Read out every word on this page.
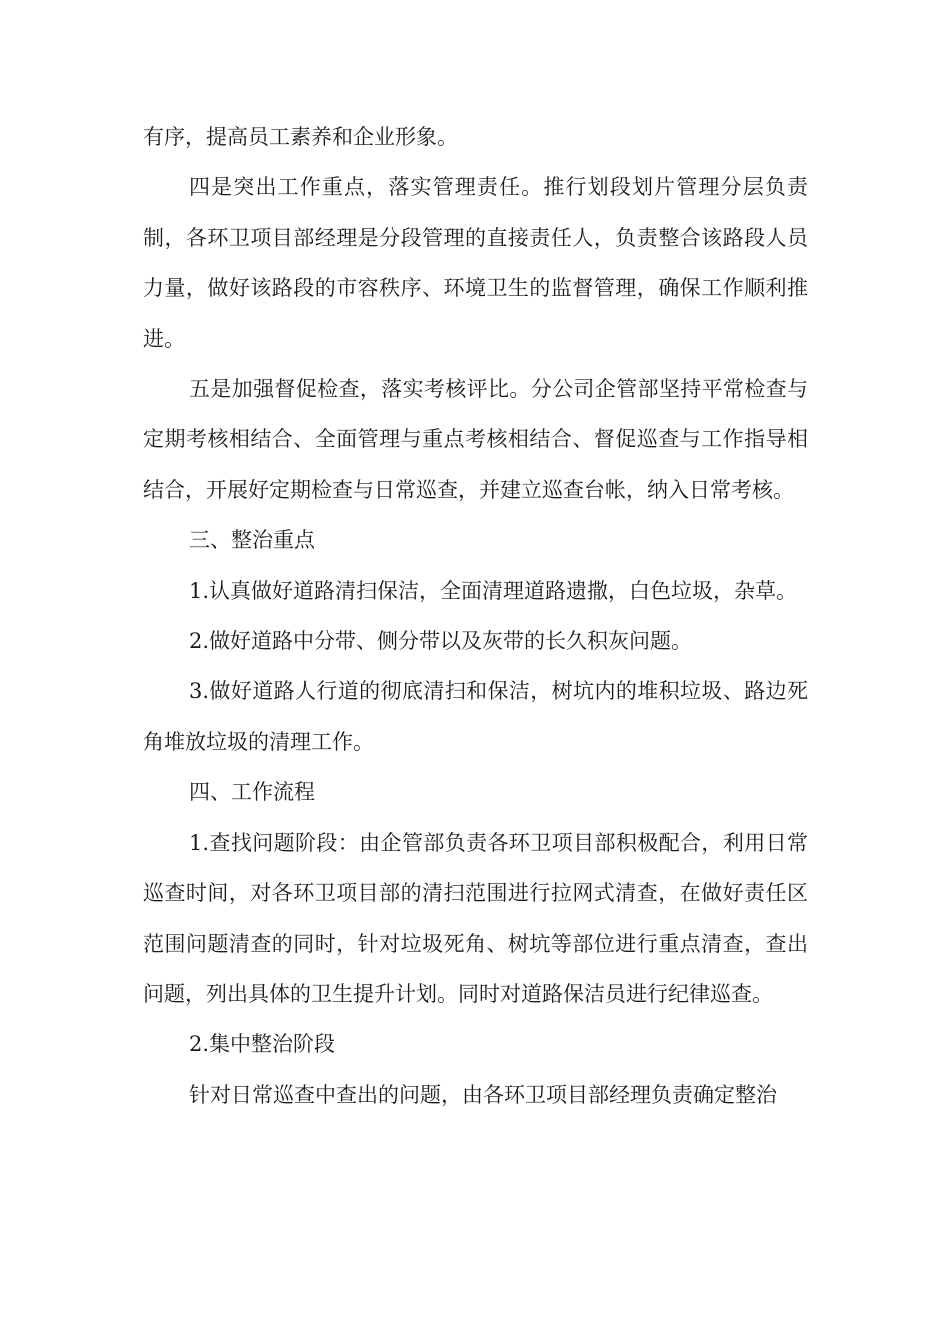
有序，提高员工素养和企业形象。

四是突出工作重点，落实管理责任。推行划段划片管理分层负责制，各环卫项目部经理是分段管理的直接责任人，负责整合该路段人员力量，做好该路段的市容秩序、环境卫生的监督管理，确保工作顺利推进。

五是加强督促检查，落实考核评比。分公司企管部坚持平常检查与定期考核相结合、全面管理与重点考核相结合、督促巡查与工作指导相结合，开展好定期检查与日常巡查，并建立巡查台帐，纳入日常考核。

三、整治重点

1.认真做好道路清扫保洁，全面清理道路遗撒，白色垃圾，杂草。

2.做好道路中分带、侧分带以及灰带的长久积灰问题。

3.做好道路人行道的彻底清扫和保洁，树坑内的堆积垃圾、路边死角堆放垃圾的清理工作。

四、工作流程

1.查找问题阶段：由企管部负责各环卫项目部积极配合，利用日常巡查时间，对各环卫项目部的清扫范围进行拉网式清查，在做好责任区范围问题清查的同时，针对垃圾死角、树坑等部位进行重点清查，查出问题，列出具体的卫生提升计划。同时对道路保洁员进行纪律巡查。

2.集中整治阶段

针对日常巡查中查出的问题，由各环卫项目部经理负责确定整治
